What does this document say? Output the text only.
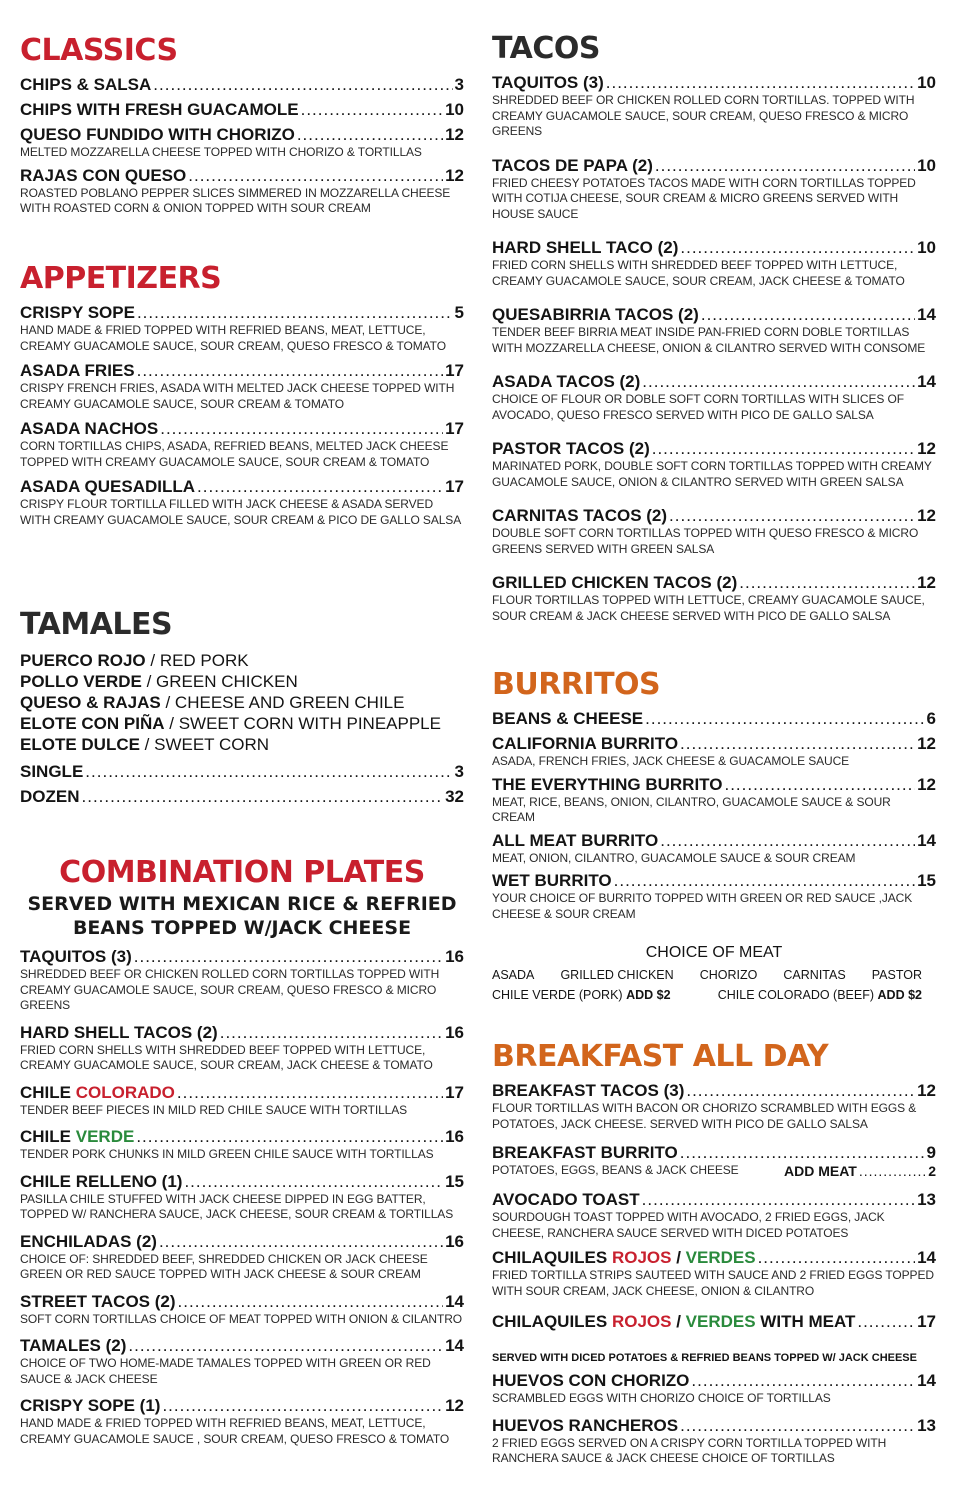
CLASSICS
CHIPS & SALSA .....	3
CHIPS WITH FRESH GUACAMOLE .....	10
QUESO FUNDIDO WITH CHORIZO .....	12
MELTED MOZZARELLA CHEESE TOPPED WITH CHORIZO & TORTILLAS
RAJAS CON QUESO .....	12
ROASTED POBLANO PEPPER SLICES SIMMERED IN MOZZARELLA CHEESE WITH ROASTED CORN & ONION TOPPED WITH SOUR CREAM
APPETIZERS
CRISPY SOPE .....	5
HAND MADE & FRIED TOPPED WITH REFRIED BEANS, MEAT, LETTUCE, CREAMY GUACAMOLE SAUCE, SOUR CREAM, QUESO FRESCO & TOMATO
ASADA FRIES .....	17
CRISPY FRENCH FRIES, ASADA WITH MELTED JACK CHEESE TOPPED WITH CREAMY GUACAMOLE SAUCE, SOUR CREAM & TOMATO
ASADA NACHOS .....	17
CORN TORTILLAS CHIPS, ASADA, REFRIED BEANS, MELTED JACK CHEESE TOPPED WITH CREAMY GUACAMOLE SAUCE, SOUR CREAM & TOMATO
ASADA QUESADILLA .....	17
CRISPY FLOUR TORTILLA FILLED WITH JACK CHEESE & ASADA SERVED WITH CREAMY GUACAMOLE SAUCE, SOUR CREAM & PICO DE GALLO SALSA
TAMALES
PUERCO ROJO / RED PORK
POLLO VERDE / GREEN CHICKEN
QUESO & RAJAS / CHEESE AND GREEN CHILE
ELOTE CON PIÑA / SWEET CORN WITH PINEAPPLE
ELOTE DULCE / SWEET CORN
SINGLE .....	3
DOZEN .....	32
COMBINATION PLATES
SERVED WITH MEXICAN RICE & REFRIED BEANS TOPPED W/JACK CHEESE
TAQUITOS (3) .....	16
SHREDDED BEEF OR CHICKEN ROLLED CORN TORTILLAS TOPPED WITH CREAMY GUACAMOLE SAUCE, SOUR CREAM, QUESO FRESCO & MICRO GREENS
HARD SHELL TACOS (2) .....	16
FRIED CORN SHELLS WITH SHREDDED BEEF TOPPED WITH LETTUCE, CREAMY GUACAMOLE SAUCE, SOUR CREAM, JACK CHEESE & TOMATO
CHILE COLORADO .....	17
TENDER BEEF PIECES IN MILD RED CHILE SAUCE WITH TORTILLAS
CHILE VERDE .....	16
TENDER PORK CHUNKS IN MILD GREEN CHILE SAUCE WITH TORTILLAS
CHILE RELLENO (1) .....	15
PASILLA CHILE STUFFED WITH JACK CHEESE DIPPED IN EGG BATTER, TOPPED W/ RANCHERA SAUCE, JACK CHEESE, SOUR CREAM & TORTILLAS
ENCHILADAS (2) .....	16
CHOICE OF: SHREDDED BEEF, SHREDDED CHICKEN OR JACK CHEESE GREEN OR RED SAUCE TOPPED WITH JACK CHEESE & SOUR CREAM
STREET TACOS (2) .....	14
SOFT CORN TORTILLAS CHOICE OF MEAT TOPPED WITH ONION & CILANTRO
TAMALES (2) .....	14
CHOICE OF TWO HOME-MADE TAMALES TOPPED WITH GREEN OR RED SAUCE & JACK CHEESE
CRISPY SOPE (1) .....	12
HAND MADE & FRIED TOPPED WITH REFRIED BEANS, MEAT, LETTUCE, CREAMY GUACAMOLE SAUCE , SOUR CREAM, QUESO FRESCO & TOMATO
TACOS
TAQUITOS (3) .....	10
SHREDDED BEEF OR CHICKEN ROLLED CORN TORTILLAS. TOPPED WITH CREAMY GUACAMOLE SAUCE, SOUR CREAM, QUESO FRESCO & MICRO GREENS
TACOS DE PAPA (2) .....	10
FRIED CHEESY POTATOES TACOS MADE WITH CORN TORTILLAS TOPPED WITH COTIJA CHEESE, SOUR CREAM & MICRO GREENS SERVED WITH HOUSE SAUCE
HARD SHELL TACO (2) .....	10
FRIED CORN SHELLS WITH SHREDDED BEEF TOPPED WITH LETTUCE, CREAMY GUACAMOLE SAUCE, SOUR CREAM, JACK CHEESE & TOMATO
QUESABIRRIA TACOS (2) .....	14
TENDER BEEF BIRRIA MEAT INSIDE PAN-FRIED CORN DOBLE TORTILLAS WITH MOZZARELLA CHEESE, ONION & CILANTRO SERVED WITH CONSOME
ASADA TACOS (2) .....	14
CHOICE OF FLOUR OR DOBLE SOFT CORN TORTILLAS WITH SLICES OF AVOCADO, QUESO FRESCO SERVED WITH PICO DE GALLO SALSA
PASTOR TACOS (2) .....	12
MARINATED PORK, DOUBLE SOFT CORN TORTILLAS TOPPED WITH CREAMY GUACAMOLE SAUCE, ONION & CILANTRO SERVED WITH GREEN SALSA
CARNITAS TACOS (2) .....	12
DOUBLE SOFT CORN TORTILLAS TOPPED WITH QUESO FRESCO & MICRO GREENS SERVED WITH GREEN SALSA
GRILLED CHICKEN TACOS (2) .....	12
FLOUR TORTILLAS TOPPED WITH LETTUCE, CREAMY GUACAMOLE SAUCE, SOUR CREAM & JACK CHEESE SERVED WITH PICO DE GALLO SALSA
BURRITOS
BEANS & CHEESE .....	6
CALIFORNIA BURRITO .....	12
ASADA, FRENCH FRIES, JACK CHEESE & GUACAMOLE SAUCE
THE EVERYTHING BURRITO .....	12
MEAT, RICE, BEANS, ONION, CILANTRO, GUACAMOLE SAUCE & SOUR CREAM
ALL MEAT BURRITO .....	14
MEAT, ONION, CILANTRO, GUACAMOLE SAUCE & SOUR CREAM
WET BURRITO .....	15
YOUR CHOICE OF BURRITO TOPPED WITH GREEN OR RED SAUCE ,JACK CHEESE & SOUR CREAM
CHOICE OF MEAT
ASADA GRILLED CHICKEN CHORIZO CARNITAS PASTOR
CHILE VERDE (PORK) ADD $2	CHILE COLORADO (BEEF) ADD $2
BREAKFAST ALL DAY
BREAKFAST TACOS (3) .....	12
FLOUR TORTILLAS WITH BACON OR CHORIZO SCRAMBLED WITH EGGS & POTATOES, JACK CHEESE. SERVED WITH PICO DE GALLO SALSA
BREAKFAST BURRITO .....	9
POTATOES, EGGS, BEANS & JACK CHEESE	ADD MEAT .....	2
AVOCADO TOAST .....	13
SOURDOUGH TOAST TOPPED WITH AVOCADO, 2 FRIED EGGS, JACK CHEESE, RANCHERA SAUCE SERVED WITH DICED POTATOES
CHILAQUILES ROJOS / VERDES .....	14
FRIED TORTILLA STRIPS SAUTEED WITH SAUCE AND 2 FRIED EGGS TOPPED WITH SOUR CREAM, JACK CHEESE, ONION & CILANTRO
CHILAQUILES ROJOS / VERDES WITH MEAT .....	17
SERVED WITH DICED POTATOES & REFRIED BEANS TOPPED W/ JACK CHEESE
HUEVOS CON CHORIZO .....	14
SCRAMBLED EGGS WITH CHORIZO CHOICE OF TORTILLAS
HUEVOS RANCHEROS .....	13
2 FRIED EGGS SERVED ON A CRISPY CORN TORTILLA TOPPED WITH RANCHERA SAUCE & JACK CHEESE CHOICE OF TORTILLAS
